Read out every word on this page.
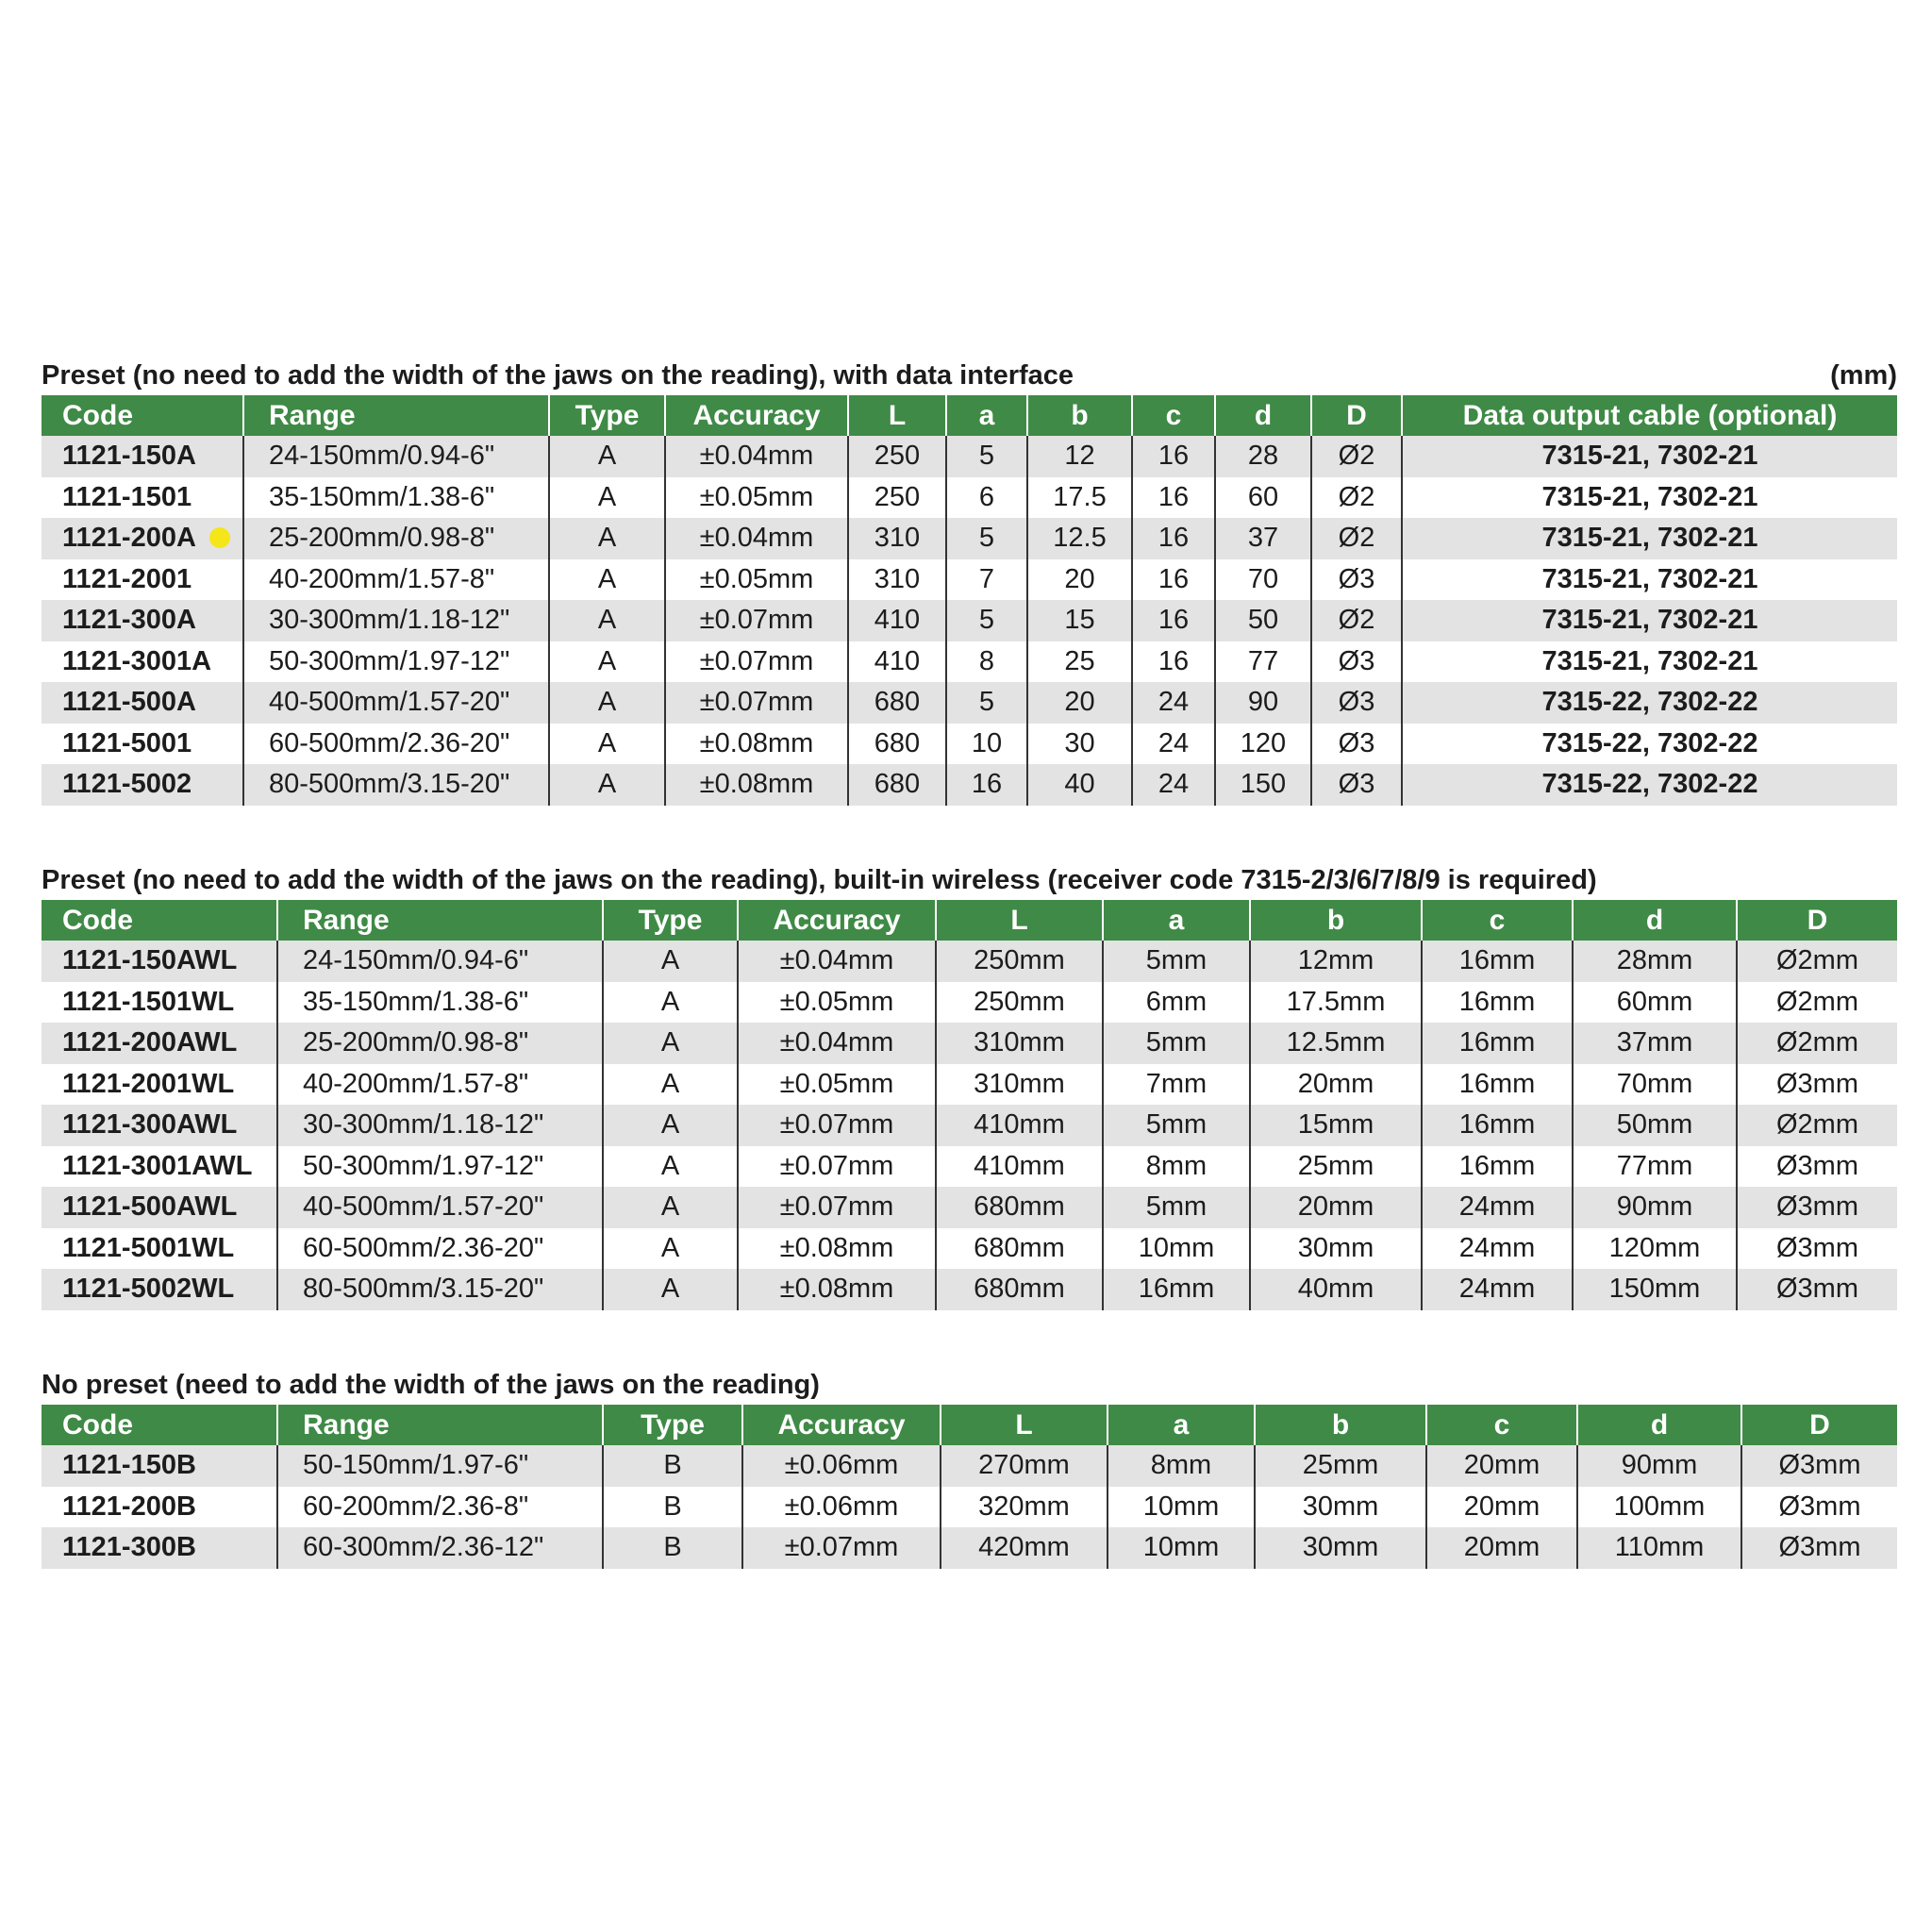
Preset (no need to add the width of the jaws on the reading), with data interface	(mm)
Code	Range	Type	Accuracy	L	a	b	c	d	D	Data output cable (optional)
1121-150A	24-150mm/0.94-6"	A	±0.04mm	250	5	12	16	28	Ø2	7315-21, 7302-21
1121-1501	35-150mm/1.38-6"	A	±0.05mm	250	6	17.5	16	60	Ø2	7315-21, 7302-21
1121-200A	25-200mm/0.98-8"	A	±0.04mm	310	5	12.5	16	37	Ø2	7315-21, 7302-21
1121-2001	40-200mm/1.57-8"	A	±0.05mm	310	7	20	16	70	Ø3	7315-21, 7302-21
1121-300A	30-300mm/1.18-12"	A	±0.07mm	410	5	15	16	50	Ø2	7315-21, 7302-21
1121-3001A	50-300mm/1.97-12"	A	±0.07mm	410	8	25	16	77	Ø3	7315-21, 7302-21
1121-500A	40-500mm/1.57-20"	A	±0.07mm	680	5	20	24	90	Ø3	7315-22, 7302-22
1121-5001	60-500mm/2.36-20"	A	±0.08mm	680	10	30	24	120	Ø3	7315-22, 7302-22
1121-5002	80-500mm/3.15-20"	A	±0.08mm	680	16	40	24	150	Ø3	7315-22, 7302-22
Preset (no need to add the width of the jaws on the reading), built-in wireless (receiver code 7315-2/3/6/7/8/9 is required)
Code	Range	Type	Accuracy	L	a	b	c	d	D
1121-150AWL	24-150mm/0.94-6"	A	±0.04mm	250mm	5mm	12mm	16mm	28mm	Ø2mm
1121-1501WL	35-150mm/1.38-6"	A	±0.05mm	250mm	6mm	17.5mm	16mm	60mm	Ø2mm
1121-200AWL	25-200mm/0.98-8"	A	±0.04mm	310mm	5mm	12.5mm	16mm	37mm	Ø2mm
1121-2001WL	40-200mm/1.57-8"	A	±0.05mm	310mm	7mm	20mm	16mm	70mm	Ø3mm
1121-300AWL	30-300mm/1.18-12"	A	±0.07mm	410mm	5mm	15mm	16mm	50mm	Ø2mm
1121-3001AWL	50-300mm/1.97-12"	A	±0.07mm	410mm	8mm	25mm	16mm	77mm	Ø3mm
1121-500AWL	40-500mm/1.57-20"	A	±0.07mm	680mm	5mm	20mm	24mm	90mm	Ø3mm
1121-5001WL	60-500mm/2.36-20"	A	±0.08mm	680mm	10mm	30mm	24mm	120mm	Ø3mm
1121-5002WL	80-500mm/3.15-20"	A	±0.08mm	680mm	16mm	40mm	24mm	150mm	Ø3mm
No preset (need to add the width of the jaws on the reading)
Code	Range	Type	Accuracy	L	a	b	c	d	D
1121-150B	50-150mm/1.97-6"	B	±0.06mm	270mm	8mm	25mm	20mm	90mm	Ø3mm
1121-200B	60-200mm/2.36-8"	B	±0.06mm	320mm	10mm	30mm	20mm	100mm	Ø3mm
1121-300B	60-300mm/2.36-12"	B	±0.07mm	420mm	10mm	30mm	20mm	110mm	Ø3mm
